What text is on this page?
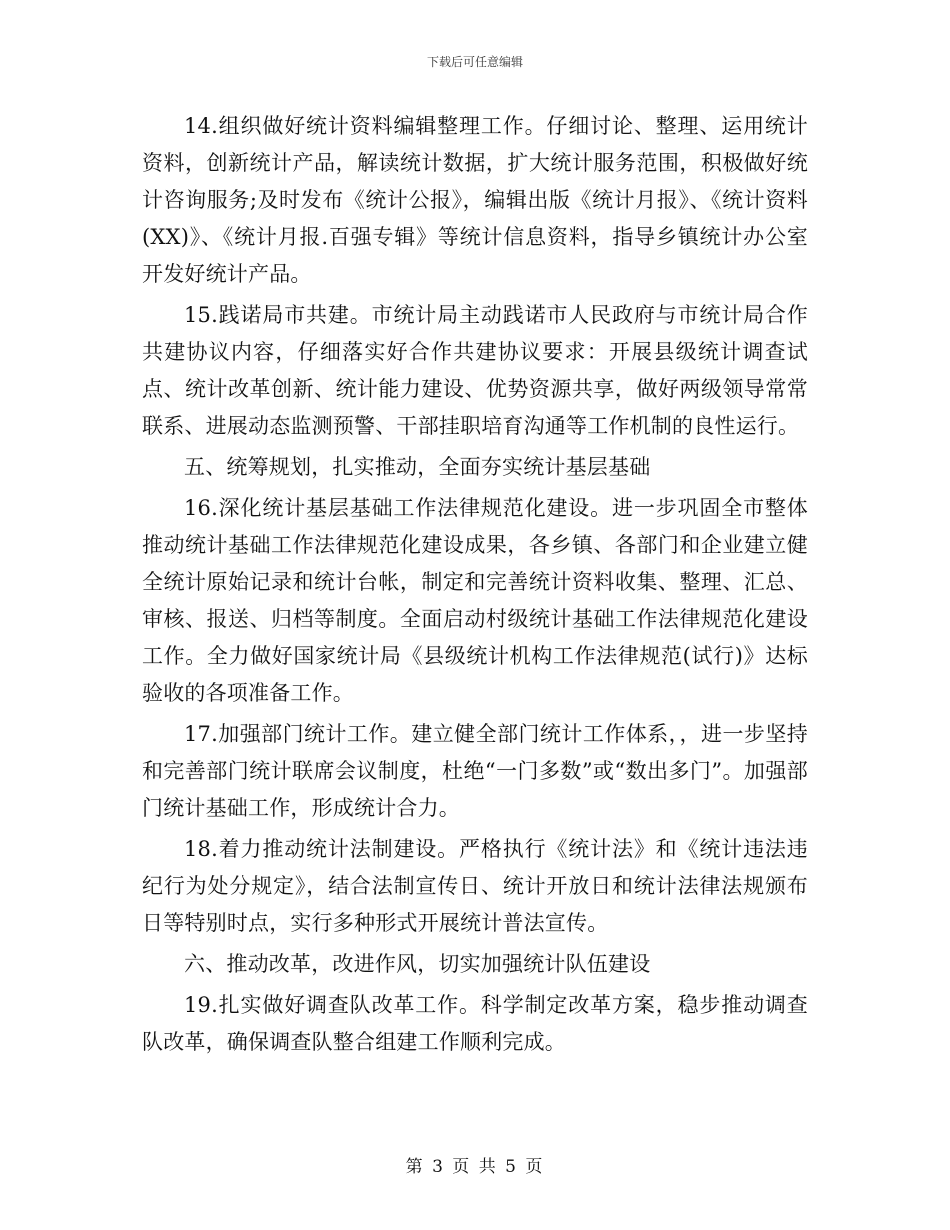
下载后可任意编辑

14.组织做好统计资料编辑整理工作。仔细讨论、整理、运用统计资料，创新统计产品，解读统计数据，扩大统计服务范围，积极做好统计咨询服务;及时发布《统计公报》，编辑出版《统计月报》、《统计资料(XX)》、《统计月报.百强专辑》等统计信息资料，指导乡镇统计办公室开发好统计产品。

15.践诺局市共建。市统计局主动践诺市人民政府与市统计局合作共建协议内容，仔细落实好合作共建协议要求：开展县级统计调查试点、统计改革创新、统计能力建设、优势资源共享，做好两级领导常常联系、进展动态监测预警、干部挂职培育沟通等工作机制的良性运行。

五、统筹规划，扎实推动，全面夯实统计基层基础

16.深化统计基层基础工作法律规范化建设。进一步巩固全市整体推动统计基础工作法律规范化建设成果，各乡镇、各部门和企业建立健全统计原始记录和统计台帐，制定和完善统计资料收集、整理、汇总、审核、报送、归档等制度。全面启动村级统计基础工作法律规范化建设工作。全力做好国家统计局《县级统计机构工作法律规范(试行)》达标验收的各项准备工作。

17.加强部门统计工作。建立健全部门统计工作体系，，进一步坚持和完善部门统计联席会议制度，杜绝“一门多数”或“数出多门”。加强部门统计基础工作，形成统计合力。

18.着力推动统计法制建设。严格执行《统计法》和《统计违法违纪行为处分规定》，结合法制宣传日、统计开放日和统计法律法规颁布日等特别时点，实行多种形式开展统计普法宣传。

六、推动改革，改进作风，切实加强统计队伍建设

19.扎实做好调查队改革工作。科学制定改革方案，稳步推动调查队改革，确保调查队整合组建工作顺利完成。

第 3 页 共 5 页
